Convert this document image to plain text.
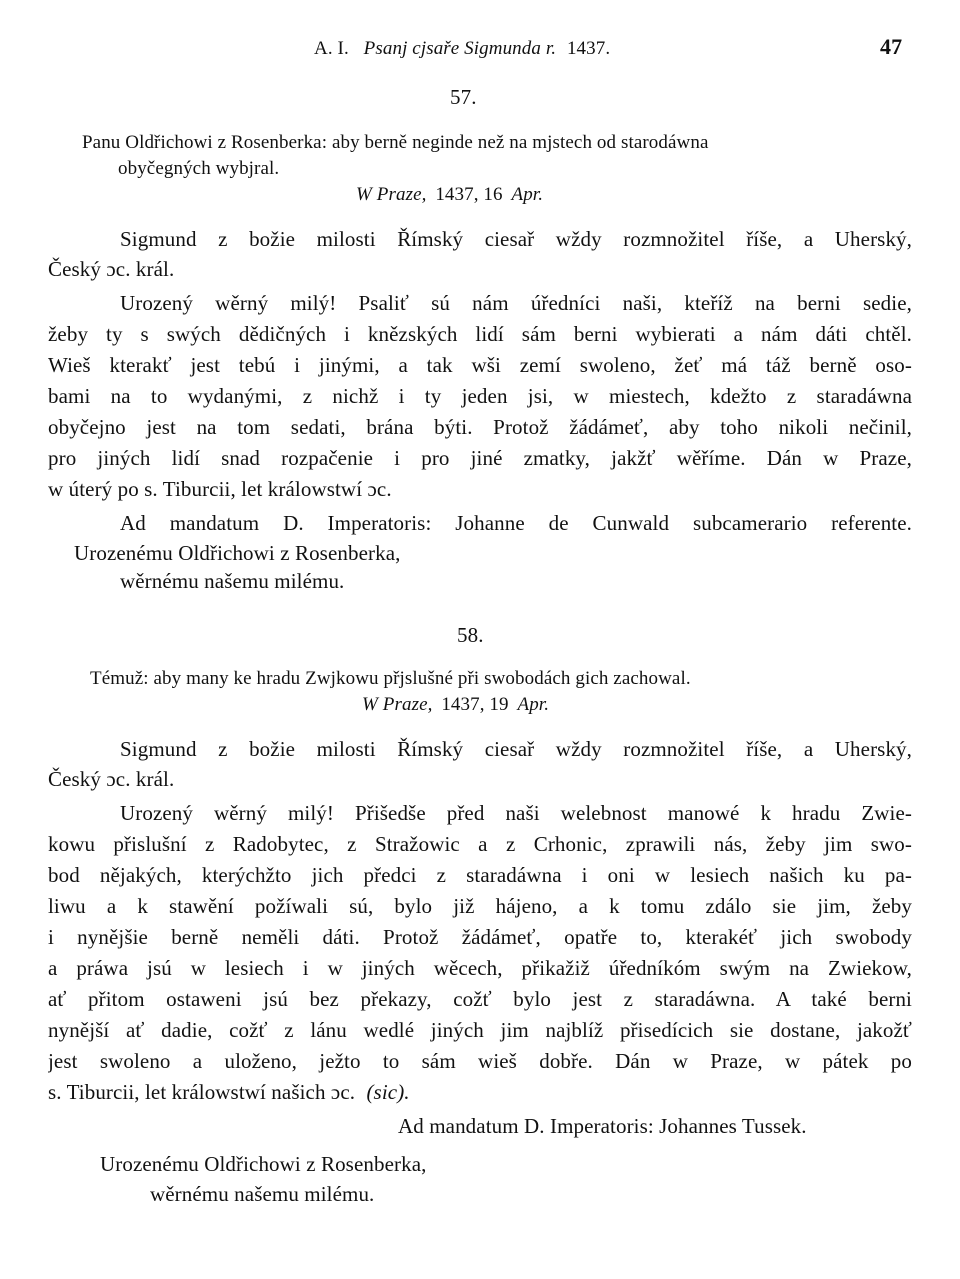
A. I. Psanj cjsaře Sigmunda r. 1437.	47
57.
Panu Oldřichowi z Rosenberka: aby berně neginde než na mjstech od starodáwna
obyčegných wybjral.
W Praze, 1437, 16 Apr.
Sigmund z božie milosti Římský ciesař wždy rozmnožitel říše, a Uherský,
Český ɔc. král.
Urozený wěrný milý! Psaliť sú nám úředníci naši, kteříž na berni sedie,
žeby ty s swých dědičných i knězských lidí sám berni wybierati a nám dáti chtěl.
Wieš kterakť jest tebú i jinými, a tak wši zemí swoleno, žeť má táž berně oso-
bami na to wydanými, z nichž i ty jeden jsi, w miestech, kdežto z staradáwna
obyčejno jest na tom sedati, brána býti. Protož žádámeť, aby toho nikoli nečinil,
pro jiných lidí snad rozpačenie i pro jiné zmatky, jakžť wěříme. Dán w Praze,
w úterý po s. Tiburcii, let králowstwí ɔc.
Ad mandatum D. Imperatoris: Johanne de Cunwald subcamerario referente.
Urozenému Oldřichowi z Rosenberka,
wěrnému našemu milému.
58.
Témuž: aby many ke hradu Zwjkowu přjslušné při swobodách gich zachowal.
W Praze, 1437, 19 Apr.
Sigmund z božie milosti Římský ciesař wždy rozmnožitel říše, a Uherský,
Český ɔc. král.
Urozený wěrný milý! Přišedše před naši welebnost manowé k hradu Zwie-
kowu přislušní z Radobytec, z Stražowic a z Crhonic, zprawili nás, žeby jim swo-
bod nějakých, kterýchžto jich předci z staradáwna i oni w lesiech našich ku pa-
liwu a k stawění požíwali sú, bylo již hájeno, a k tomu zdálo sie jim, žeby
i nynějšie berně neměli dáti. Protož žádámeť, opatře to, kterakéť jich swobody
a práwa jsú w lesiech i w jiných wěcech, přikažiž úředníkóm swým na Zwiekow,
ať přitom ostaweni jsú bez překazy, cožť bylo jest z staradáwna. A také berni
nynější ať dadie, cožť z lánu wedlé jiných jim najblíž přisedícich sie dostane, jakožť
jest swoleno a uloženo, ježto to sám wieš dobře. Dán w Praze, w pátek po
s. Tiburcii, let králowstwí našich ɔc. (sic).
Ad mandatum D. Imperatoris: Johannes Tussek.
Urozenému Oldřichowi z Rosenberka,
wěrnému našemu milému.
